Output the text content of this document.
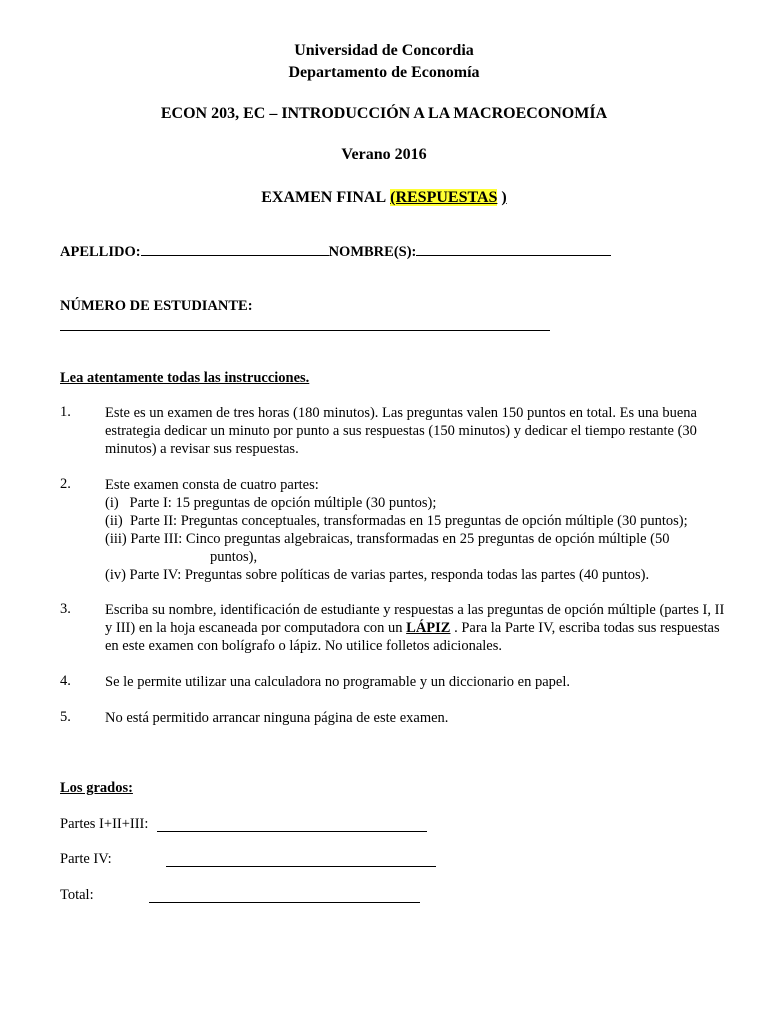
Universidad de Concordia
Departamento de Economía
ECON 203, EC – INTRODUCCIÓN A LA MACROECONOMÍA
Verano 2016
EXAMEN FINAL (RESPUESTAS )
APELLIDO:	NOMBRE(S):
NÚMERO DE ESTUDIANTE:
Lea atentamente todas las instrucciones.
1. Este es un examen de tres horas (180 minutos). Las preguntas valen 150 puntos en total. Es una buena estrategia dedicar un minuto por punto a sus respuestas (150 minutos) y dedicar el tiempo restante (30 minutos) a revisar sus respuestas.
2. Este examen consta de cuatro partes:
(i)   Parte I: 15 preguntas de opción múltiple (30 puntos);
(ii)  Parte II: Preguntas conceptuales, transformadas en 15 preguntas de opción múltiple (30 puntos);
(iii) Parte III: Cinco preguntas algebraicas, transformadas en 25 preguntas de opción múltiple (50
puntos),
(iv) Parte IV: Preguntas sobre políticas de varias partes, responda todas las partes (40 puntos).
3. Escriba su nombre, identificación de estudiante y respuestas a las preguntas de opción múltiple (partes I, II y III) en la hoja escaneada por computadora con un LÁPIZ . Para la Parte IV, escriba todas sus respuestas en este examen con bolígrafo o lápiz. No utilice folletos adicionales.
4. Se le permite utilizar una calculadora no programable y un diccionario en papel.
5. No está permitido arrancar ninguna página de este examen.
Los grados:
Partes I+II+III:
Parte IV:
Total:
